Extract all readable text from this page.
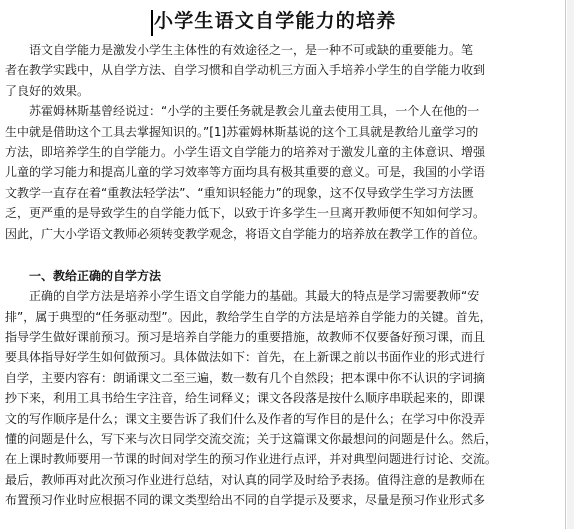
小学生语文自学能力的培养
　　语文自学能力是激发小学生主体性的有效途径之一，是一种不可或缺的重要能力。笔
者在教学实践中，从自学方法、自学习惯和自学动机三方面入手培养小学生的自学能力收到
了良好的效果。
　　苏霍姆林斯基曾经说过：“小学的主要任务就是教会儿童去使用工具，一个人在他的一
生中就是借助这个工具去掌握知识的。”[1]苏霍姆林斯基说的这个工具就是教给儿童学习的
方法，即培养学生的自学能力。小学生语文自学能力的培养对于激发儿童的主体意识、增强
儿童的学习能力和提高儿童的学习效率等方面均具有极其重要的意义。可是，我国的小学语
文教学一直存在着“重教法轻学法”、“重知识轻能力”的现象，这不仅导致学生学习方法匮
乏，更严重的是导致学生的自学能力低下，以致于许多学生一旦离开教师便不知如何学习。
因此，广大小学语文教师必须转变教学观念，将语文自学能力的培养放在教学工作的首位。
　　一、教给正确的自学方法
　　正确的自学方法是培养小学生语文自学能力的基础。其最大的特点是学习需要教师“安
排”，属于典型的“任务驱动型”。因此，教给学生自学的方法是培养自学能力的关键。首先，
指导学生做好课前预习。预习是培养自学能力的重要措施，故教师不仅要备好预习课，而且
要具体指导好学生如何做预习。具体做法如下：首先，在上新课之前以书面作业的形式进行
自学，主要内容有：朗诵课文二至三遍，数一数有几个自然段；把本课中你不认识的字词摘
抄下来，利用工具书给生字注音，给生词释义；课文各段落是按什么顺序串联起来的，即课
文的写作顺序是什么；课文主要告诉了我们什么及作者的写作目的是什么；在学习中你没弄
懂的问题是什么，写下来与次日同学交流交流；关于这篇课文你最想问的问题是什么。然后，
在上课时教师要用一节课的时间对学生的预习作业进行点评，并对典型问题进行讨论、交流。
最后，教师再对此次预习作业进行总结，对认真的同学及时给予表扬。值得注意的是教师在
布置预习作业时应根据不同的课文类型给出不同的自学提示及要求，尽量是预习作业形式多
